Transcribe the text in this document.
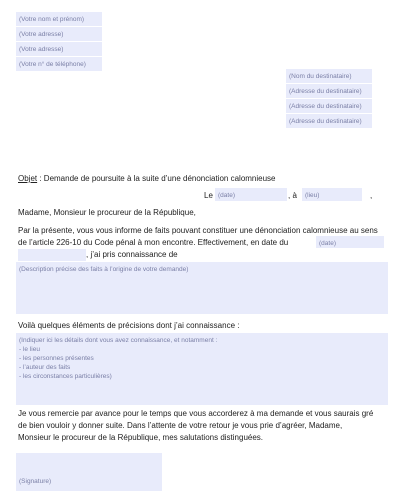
(Votre nom et prénom)
(Votre adresse)
(Votre adresse)
(Votre n° de téléphone)
(Nom du destinataire)
(Adresse du destinataire)
(Adresse du destinataire)
(Adresse du destinataire)
Objet : Demande de poursuite à la suite d’une dénonciation calomnieuse
Le (date)	, à	(lieu)	,
Madame, Monsieur le procureur de la République,
Par la présente, vous vous informe de faits pouvant constituer une dénonciation calomnieuse au sens
de l’article 226-10 du Code pénal à mon encontre. Effectivement, en date du	(date)
, j’ai pris connaissance de
(Description précise des faits à l’origine de votre demande)
Voilà quelques éléments de précisions dont j’ai connaissance :
(Indiquer ici les détails dont vous avez connaissance, et notamment :
- le lieu
- les personnes présentes
- l’auteur des faits
- les circonstances particulières)
Je vous remercie par avance pour le temps que vous accorderez à ma demande et vous saurais gré
de bien vouloir y donner suite. Dans l’attente de votre retour je vous prie d’agréer, Madame,
Monsieur le procureur de la République, mes salutations distinguées.

(Signature)
